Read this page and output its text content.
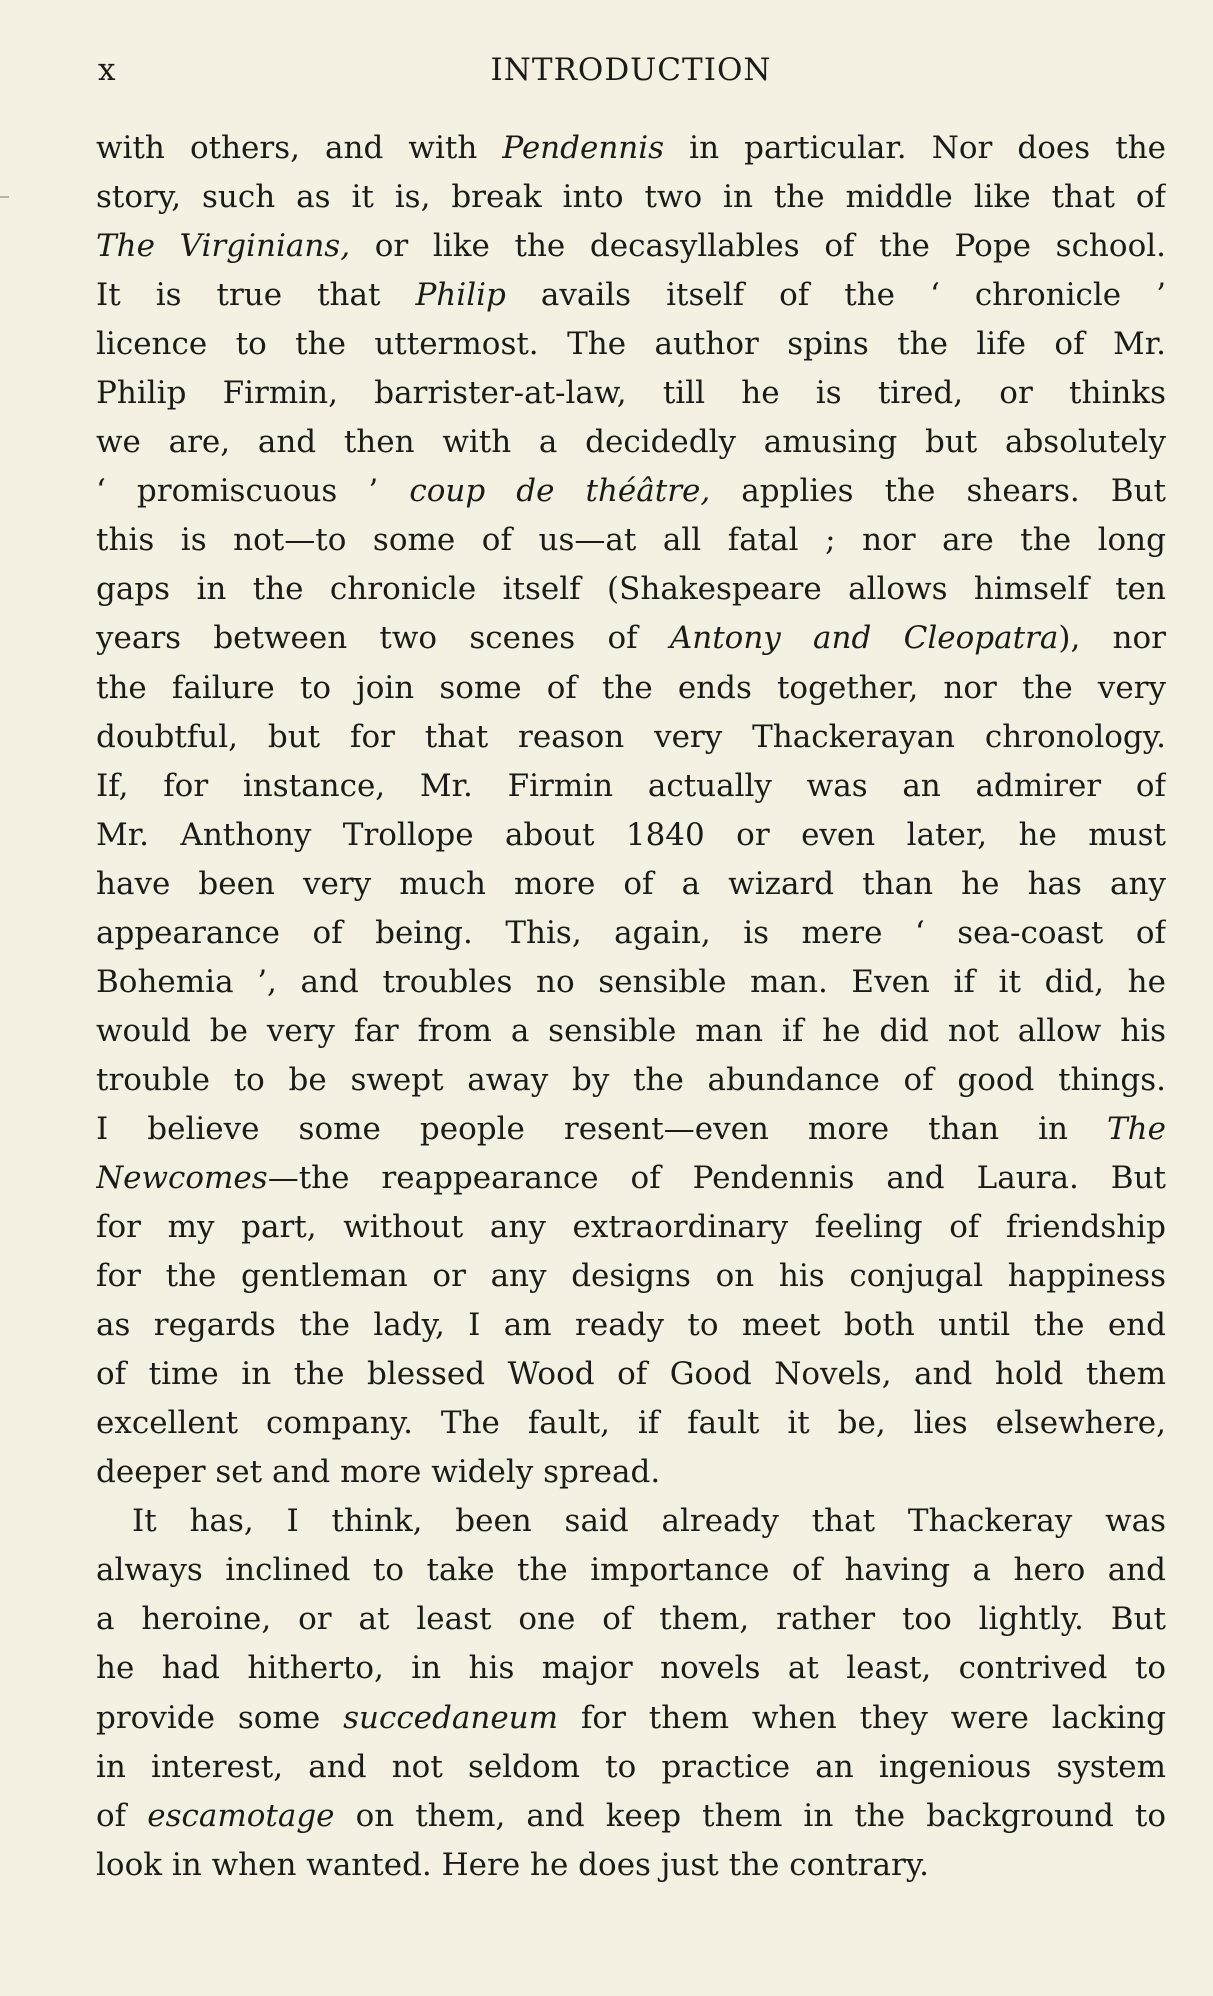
x	INTRODUCTION
with others, and with Pendennis in particular. Nor does the
story, such as it is, break into two in the middle like that of
The Virginians, or like the decasyllables of the Pope school.
It is true that Philip avails itself of the ‘ chronicle ’
licence to the uttermost. The author spins the life of Mr.
Philip Firmin, barrister-at-law, till he is tired, or thinks
we are, and then with a decidedly amusing but absolutely
‘ promiscuous ’ coup de théâtre, applies the shears. But
this is not—to some of us—at all fatal ; nor are the long
gaps in the chronicle itself (Shakespeare allows himself ten
years between two scenes of Antony and Cleopatra), nor
the failure to join some of the ends together, nor the very
doubtful, but for that reason very Thackerayan chronology.
If, for instance, Mr. Firmin actually was an admirer of
Mr. Anthony Trollope about 1840 or even later, he must
have been very much more of a wizard than he has any
appearance of being. This, again, is mere ‘ sea-coast of
Bohemia ’, and troubles no sensible man. Even if it did, he
would be very far from a sensible man if he did not allow his
trouble to be swept away by the abundance of good things.
I believe some people resent—even more than in The
Newcomes—the reappearance of Pendennis and Laura. But
for my part, without any extraordinary feeling of friendship
for the gentleman or any designs on his conjugal happiness
as regards the lady, I am ready to meet both until the end
of time in the blessed Wood of Good Novels, and hold them
excellent company. The fault, if fault it be, lies elsewhere,
deeper set and more widely spread.
It has, I think, been said already that Thackeray was
always inclined to take the importance of having a hero and
a heroine, or at least one of them, rather too lightly. But
he had hitherto, in his major novels at least, contrived to
provide some succedaneum for them when they were lacking
in interest, and not seldom to practice an ingenious system
of escamotage on them, and keep them in the background to
look in when wanted. Here he does just the contrary.
